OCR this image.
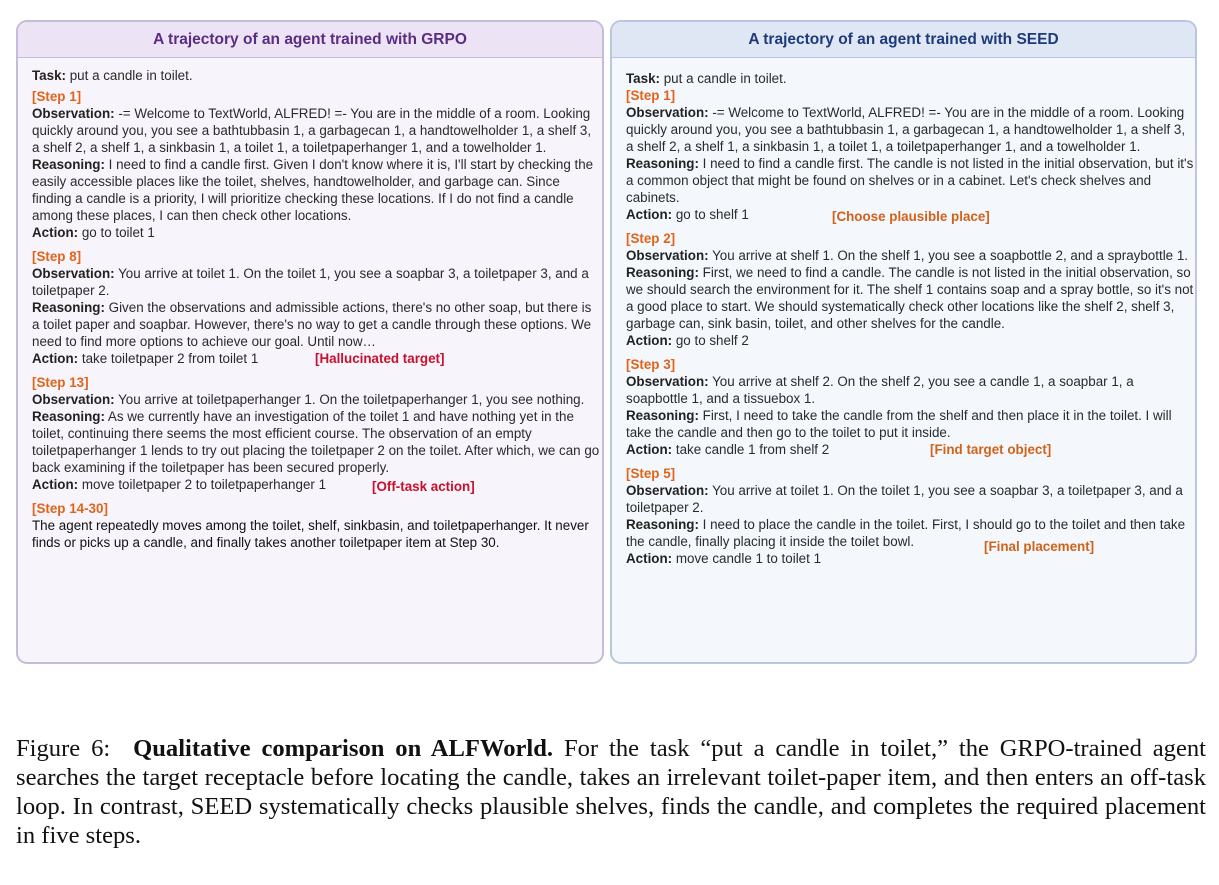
A trajectory of an agent trained with GRPO

Task: put a candle in toilet.

[Step 1]

Observation: -= Welcome to TextWorld, ALFRED! =- You are in the middle of a room. Looking quickly around you, you see a bathtubbasin 1, a garbagecan 1, a handtowelholder 1, a shelf 3, a shelf 2, a shelf 1, a sinkbasin 1, a toilet 1, a toiletpaperhanger 1, and a towelholder 1.

Reasoning: I need to find a candle first. Given I don't know where it is, I'll start by checking the easily accessible places like the toilet, shelves, handtowelholder, and garbage can. Since finding a candle is a priority, I will prioritize checking these locations. If I do not find a candle among these places, I can then check other locations.

Action: go to toilet 1

[Step 8]

Observation: You arrive at toilet 1. On the toilet 1, you see a soapbar 3, a toiletpaper 3, and a toiletpaper 2.

Reasoning: Given the observations and admissible actions, there's no other soap, but there is a toilet paper and soapbar. However, there's no way to get a candle through these options. We need to find more options to achieve our goal. Until now…

Action: take toiletpaper 2 from toilet 1	[Hallucinated target]

[Step 13]

Observation: You arrive at toiletpaperhanger 1. On the toiletpaperhanger 1, you see nothing.

Reasoning: As we currently have an investigation of the toilet 1 and have nothing yet in the toilet, continuing there seems the most efficient course. The observation of an empty toiletpaperhanger 1 lends to try out placing the toiletpaper 2 on the toilet. After which, we can go back examining if the toiletpaper has been secured properly.

Action: move toiletpaper 2 to toiletpaperhanger 1	[Off-task action]

[Step 14-30]

The agent repeatedly moves among the toilet, shelf, sinkbasin, and toiletpaperhanger. It never finds or picks up a candle, and finally takes another toiletpaper item at Step 30.

A trajectory of an agent trained with SEED

Task: put a candle in toilet.

[Step 1]

Observation: -= Welcome to TextWorld, ALFRED! =- You are in the middle of a room. Looking quickly around you, you see a bathtubbasin 1, a garbagecan 1, a handtowelholder 1, a shelf 3, a shelf 2, a shelf 1, a sinkbasin 1, a toilet 1, a toiletpaperhanger 1, and a towelholder 1.

Reasoning: I need to find a candle first. The candle is not listed in the initial observation, but it's a common object that might be found on shelves or in a cabinet. Let's check shelves and cabinets.

Action: go to shelf 1	[Choose plausible place]

[Step 2]

Observation: You arrive at shelf 1. On the shelf 1, you see a soapbottle 2, and a spraybottle 1.

Reasoning: First, we need to find a candle. The candle is not listed in the initial observation, so we should search the environment for it. The shelf 1 contains soap and a spray bottle, so it's not a good place to start. We should systematically check other locations like the shelf 2, shelf 3, garbage can, sink basin, toilet, and other shelves for the candle.

Action: go to shelf 2

[Step 3]

Observation: You arrive at shelf 2. On the shelf 2, you see a candle 1, a soapbar 1, a soapbottle 1, and a tissuebox 1.

Reasoning: First, I need to take the candle from the shelf and then place it in the toilet. I will take the candle and then go to the toilet to put it inside.

Action: take candle 1 from shelf 2	[Find target object]

[Step 5]

Observation: You arrive at toilet 1. On the toilet 1, you see a soapbar 3, a toiletpaper 3, and a toiletpaper 2.

Reasoning: I need to place the candle in the toilet. First, I should go to the toilet and then take the candle, finally placing it inside the toilet bowl.

Action: move candle 1 to toilet 1
[Final placement]

Figure 6: Qualitative comparison on ALFWorld. For the task “put a candle in toilet,” the GRPO-trained agent searches the target receptacle before locating the candle, takes an irrelevant toilet-paper item, and then enters an off-task loop. In contrast, SEED systematically checks plausible shelves, finds the candle, and completes the required placement in five steps.
